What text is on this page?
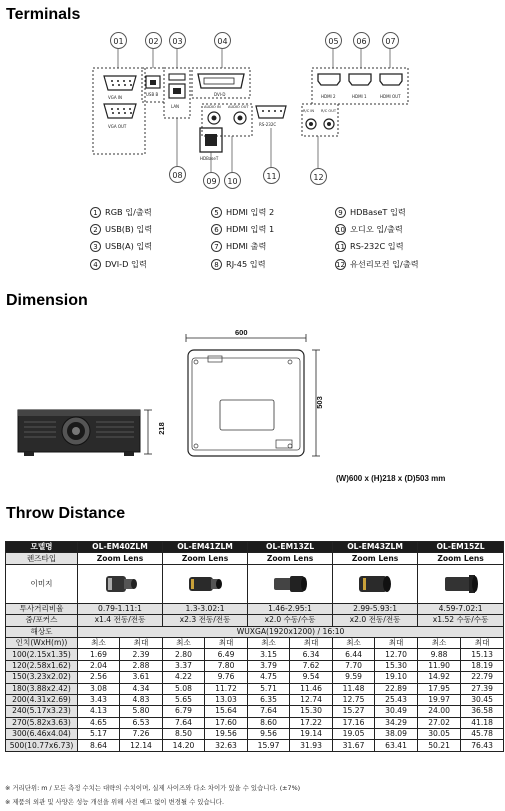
Terminals
VGA IN
VGA OUT
USB B
LAN
DVI-D	HDMI 2	HDMI 1	HDMI OUT
AUDIO IN AUDIO OUT
RS-232C
R/C IN R/C OUT
HDBaseT
01	02	03	04	05	06	07
08
09	10
11	12
1 RGB 입/출력
2 USB(B) 입력
3 USB(A) 입력
4 DVI-D 입력
5 HDMI 입력 2
6 HDMI 입력 1
7 HDMI 출력
8 RJ-45 입력
9 HDBaseT 입력
10 오디오 입/출력
11 RS-232C 입력
12 유선리모컨 입/출력
Dimension
218
600
503
(W)600 x (H)218 x (D)503 mm
Throw Distance
모델명	OL-EM40ZLM		OL-EM41ZLM		OL-EM13ZL		OL-EM43ZLM		OL-EM15ZL	
렌즈타입	Zoom Lens		Zoom Lens		Zoom Lens		Zoom Lens		Zoom Lens	
이미지					
투사거리비율	0.79-1.11:1		1.3-3.02:1		1.46-2.95:1		2.99-5.93:1		4.59-7.02:1	
줌/포커스	x1.4 전동/전동		x2.3 전동/전동		x2.0 수동/수동		x2.0 전동/전동		x1.52 수동/수동	
해상도	WUXGA(1920x1200) / 16:10									
인치(WxH(m))	최소	최대	최소	최대	최소	최대	최소	최대	최소	최대
100(2.15x1.35)	1.69	2.39	2.80	6.49	3.15	6.34	6.44	12.70	9.88	15.13
120(2.58x1.62)	2.04	2.88	3.37	7.80	3.79	7.62	7.70	15.30	11.90	18.19
150(3.23x2.02)	2.56	3.61	4.22	9.76	4.75	9.54	9.59	19.10	14.92	22.79
180(3.88x2.42)	3.08	4.34	5.08	11.72	5.71	11.46	11.48	22.89	17.95	27.39
200(4.31x2.69)	3.43	4.83	5.65	13.03	6.35	12.74	12.75	25.43	19.97	30.45
240(5.17x3.23)	4.13	5.80	6.79	15.64	7.64	15.30	15.27	30.49	24.00	36.58
270(5.82x3.63)	4.65	6.53	7.64	17.60	8.60	17.22	17.16	34.29	27.02	41.18
300(6.46x4.04)	5.17	7.26	8.50	19.56	9.56	19.14	19.05	38.09	30.05	45.78
500(10.77x6.73)	8.64	12.14	14.20	32.63	15.97	31.93	31.67	63.41	50.21	76.43
※ 거리단위: m / 모든 측정 수치는 대략의 수치이며, 실제 사이즈와 다소 차이가 있을 수 있습니다. (±7%)
※ 제품의 외관 및 사양은 성능 개선을 위해 사전 예고 없이 변경될 수 있습니다.
